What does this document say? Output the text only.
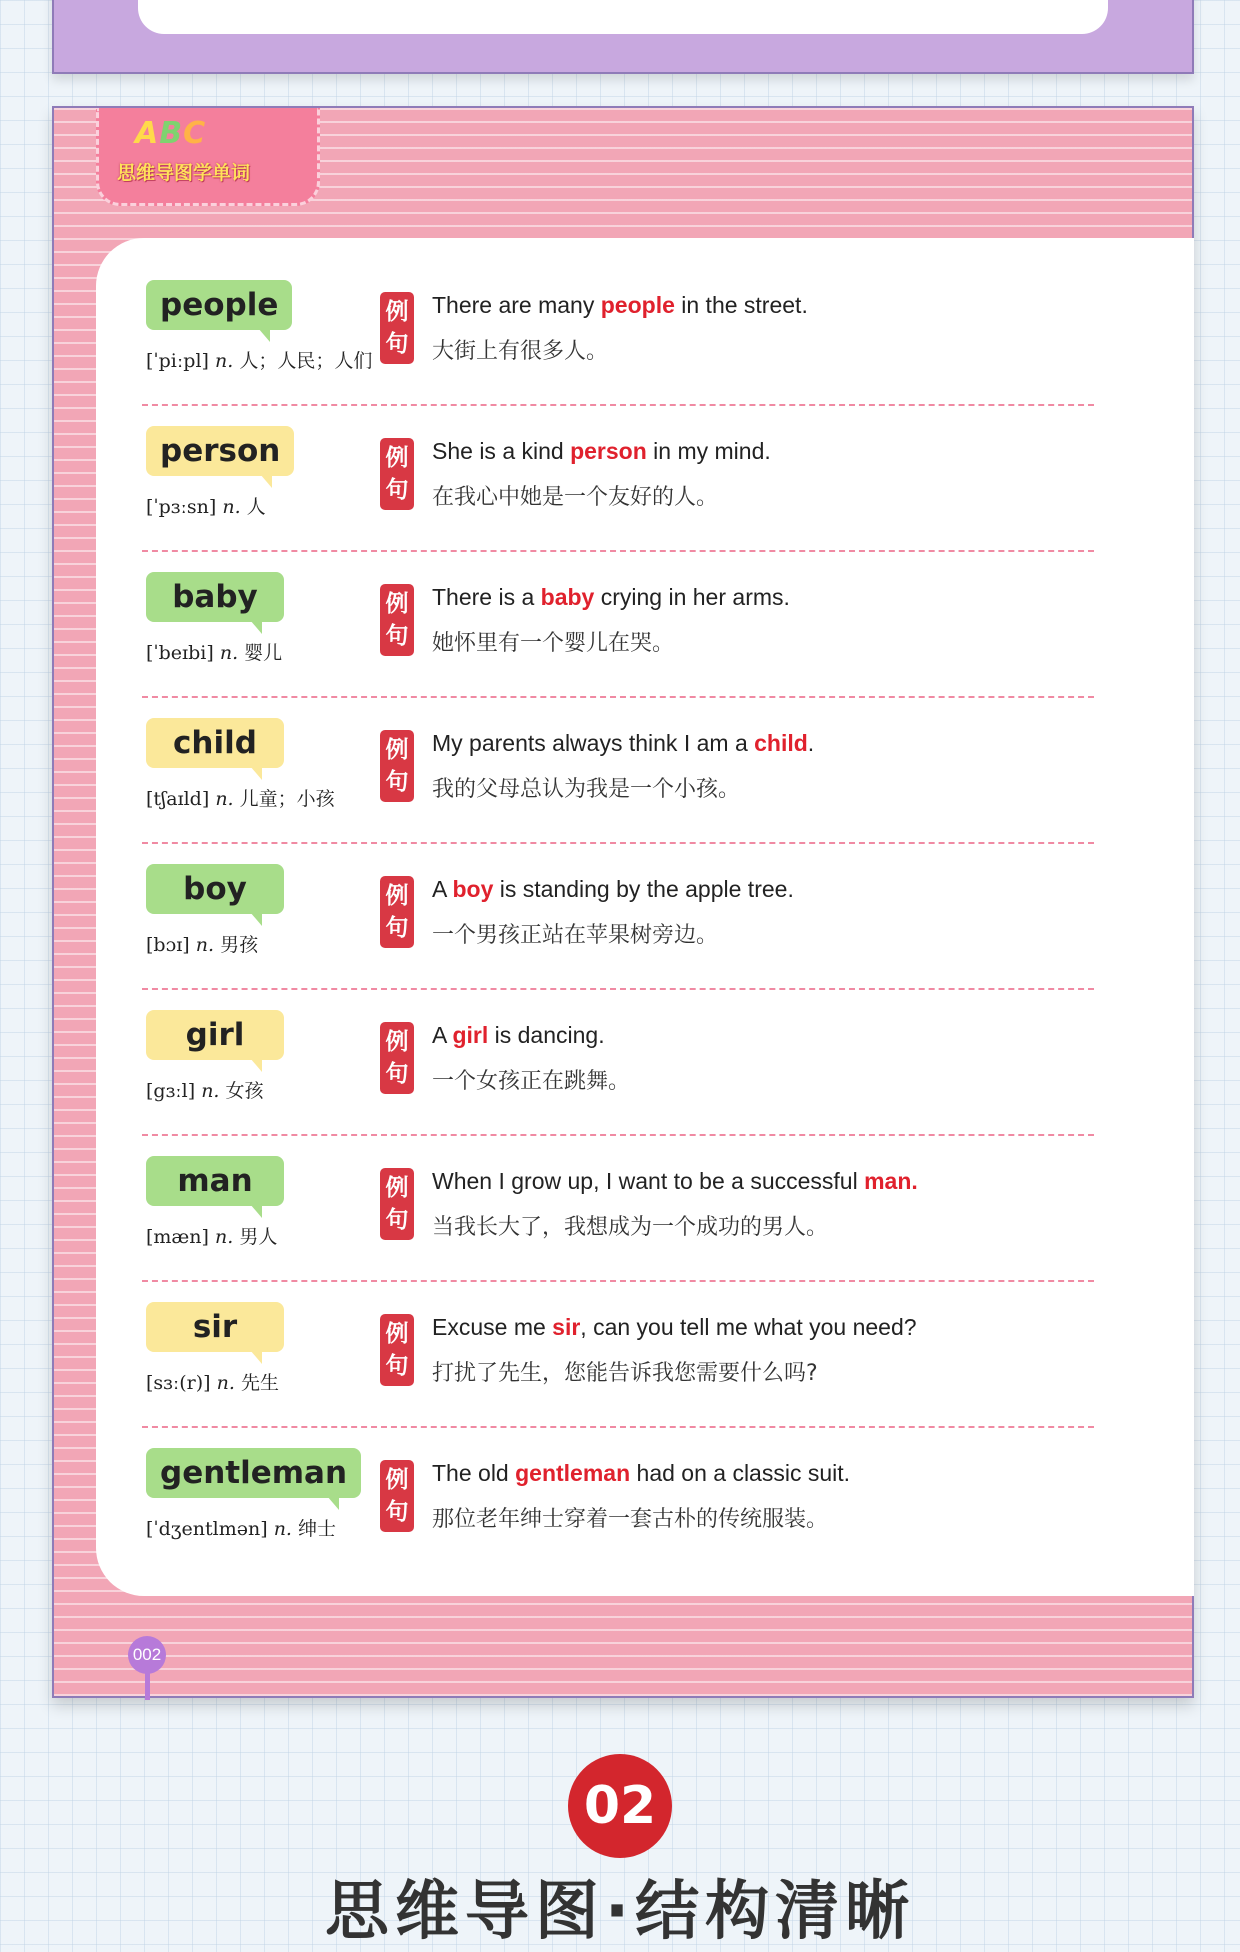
ABC
思维导图学单词
people
[ˈpiːpl] n. 人；人民；人们
例
句
There are many people in the street.
大街上有很多人。
person
[ˈpɜːsn] n. 人
例
句
She is a kind person in my mind.
在我心中她是一个友好的人。
baby
[ˈbeɪbi] n. 婴儿
例
句
There is a baby crying in her arms.
她怀里有一个婴儿在哭。
child
[tʃaɪld] n. 儿童；小孩
例
句
My parents always think I am a child.
我的父母总认为我是一个小孩。
boy
[bɔɪ] n. 男孩
例
句
A boy is standing by the apple tree.
一个男孩正站在苹果树旁边。
girl
[gɜːl] n. 女孩
例
句
A girl is dancing.
一个女孩正在跳舞。
man
[mæn] n. 男人
例
句
When I grow up, I want to be a successful man.
当我长大了，我想成为一个成功的男人。
sir
[sɜː(r)] n. 先生
例
句
Excuse me sir, can you tell me what you need?
打扰了先生，您能告诉我您需要什么吗?
gentleman
[ˈdʒentlmən] n. 绅士
例
句
The old gentleman had on a classic suit.
那位老年绅士穿着一套古朴的传统服装。
002
02
思维导图·结构清晰
